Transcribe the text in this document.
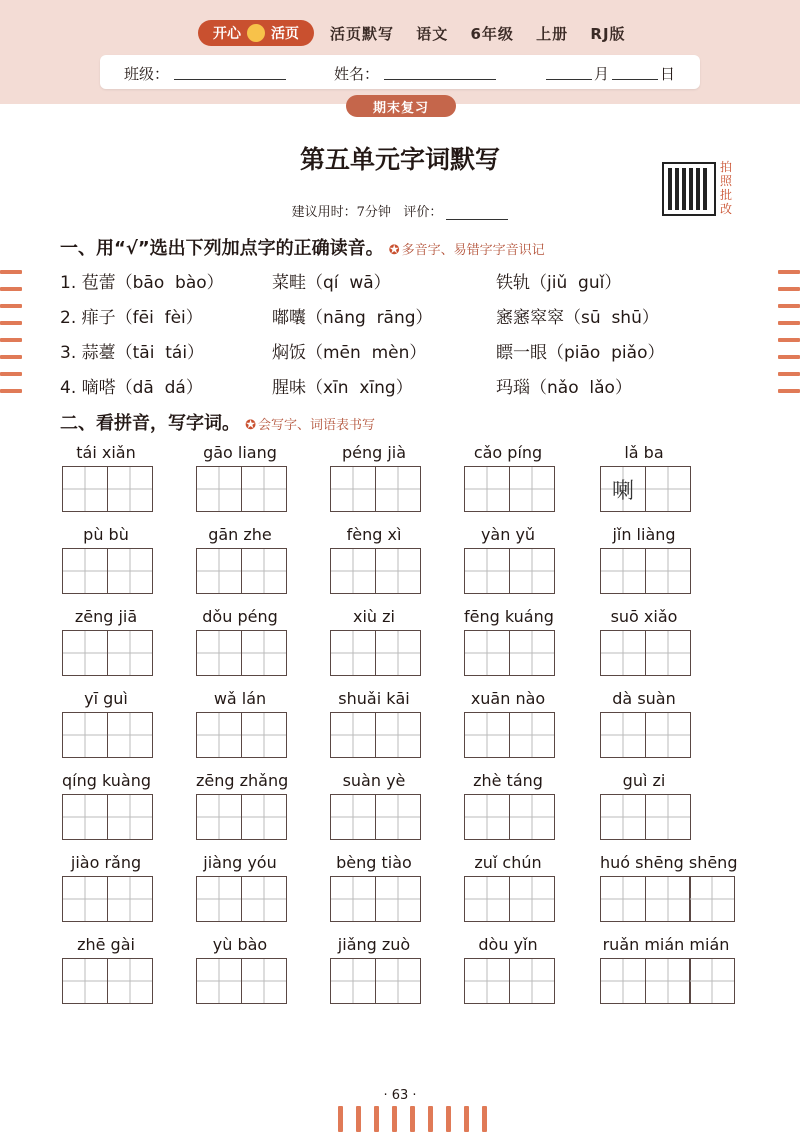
开心 活页 活页默写 语文 6年级 上册 RJ版
班级：	姓名：	月	日
期末复习
第五单元字词默写
建议用时：7分钟 评价：
拍照批改
一、用“√”选出下列加点字的正确读音。 ✪ 多音字、易错字字音识记
1. 苞蕾（bāo  bào）	菜畦（qí  wā）	铁轨（jiǔ  guǐ）
2. 痱子（fēi  fèi）	嘟囔（nāng  rāng）	窸窸窣窣（sū  shū）
3. 蒜薹（tāi  tái）	焖饭（mēn  mèn）	瞟一眼（piāo  piǎo）
4. 嘀嗒（dā  dá）	腥味（xīn  xīng）	玛瑙（nǎo  lǎo）
二、看拼音，写字词。 ✪ 会写字、词语表书写
tái xiǎn	gāo liang	péng jià	cǎo píng	lǎ ba
喇
pù bù	gān zhe	fèng xì	yàn yǔ	jǐn liàng
zēng jiā	dǒu péng	xiù zi	fēng kuáng	suō xiǎo
yī guì	wǎ lán	shuǎi kāi	xuān nào	dà suàn
qíng kuàng	zēng zhǎng	suàn yè	zhè táng	guì zi
jiào rǎng	jiàng yóu	bèng tiào	zuǐ chún	huó shēng shēng
zhē gài	yù bào	jiǎng zuò	dòu yǐn	ruǎn mián mián
· 63 ·
